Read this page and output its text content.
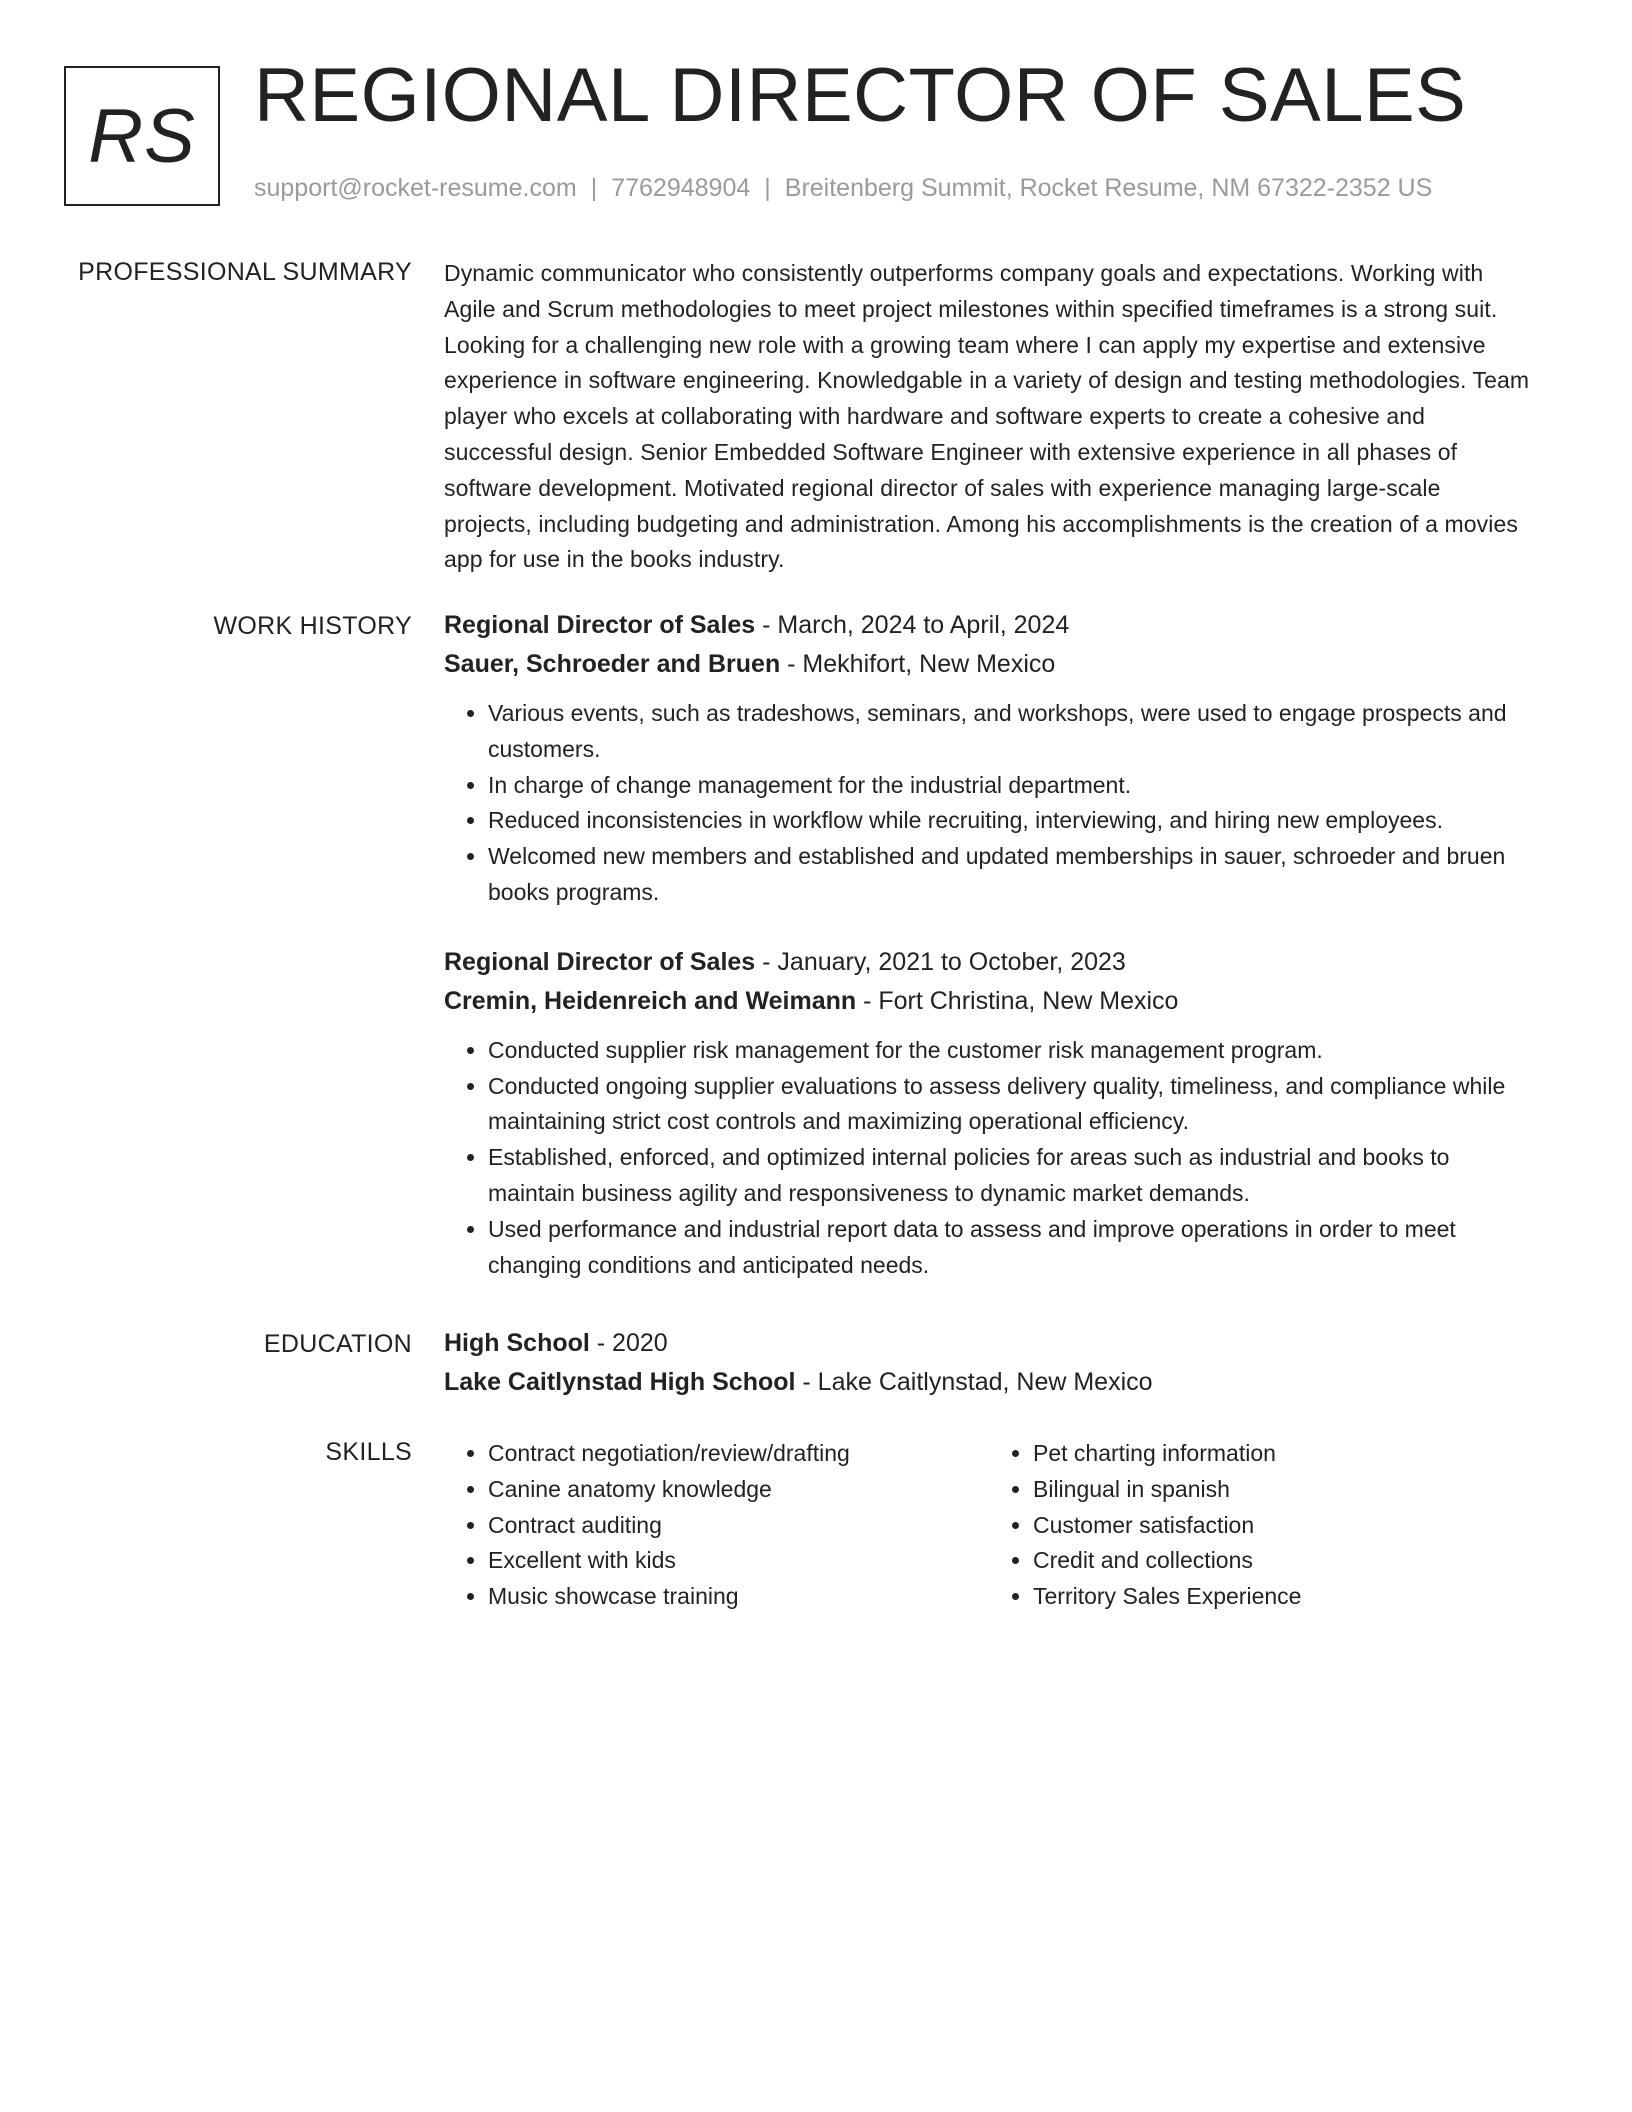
RS REGIONAL DIRECTOR OF SALES
support@rocket-resume.com | 7762948904 | Breitenberg Summit, Rocket Resume, NM 67322-2352 US
PROFESSIONAL SUMMARY Dynamic communicator who consistently outperforms company goals and expectations. Working with Agile and Scrum methodologies to meet project milestones within specified timeframes is a strong suit. Looking for a challenging new role with a growing team where I can apply my expertise and extensive experience in software engineering. Knowledgable in a variety of design and testing methodologies. Team player who excels at collaborating with hardware and software experts to create a cohesive and successful design. Senior Embedded Software Engineer with extensive experience in all phases of software development. Motivated regional director of sales with experience managing large-scale projects, including budgeting and administration. Among his accomplishments is the creation of a movies app for use in the books industry.

WORK HISTORY Regional Director of Sales - March, 2024 to April, 2024
Sauer, Schroeder and Bruen - Mekhifort, New Mexico
• Various events, such as tradeshows, seminars, and workshops, were used to engage prospects and customers.
• In charge of change management for the industrial department.
• Reduced inconsistencies in workflow while recruiting, interviewing, and hiring new employees.
• Welcomed new members and established and updated memberships in sauer, schroeder and bruen books programs.
Regional Director of Sales - January, 2021 to October, 2023
Cremin, Heidenreich and Weimann - Fort Christina, New Mexico
• Conducted supplier risk management for the customer risk management program.
• Conducted ongoing supplier evaluations to assess delivery quality, timeliness, and compliance while maintaining strict cost controls and maximizing operational efficiency.
• Established, enforced, and optimized internal policies for areas such as industrial and books to maintain business agility and responsiveness to dynamic market demands.
• Used performance and industrial report data to assess and improve operations in order to meet changing conditions and anticipated needs.
EDUCATION High School - 2020
Lake Caitlynstad High School - Lake Caitlynstad, New Mexico
SKILLS
•	Contract negotiation/review/drafting
• Canine anatomy knowledge
• Contract auditing
• Excellent with kids
• Music showcase training
• Pet charting information
• Bilingual in spanish
• Customer satisfaction
• Credit and collections
• Territory Sales Experience
